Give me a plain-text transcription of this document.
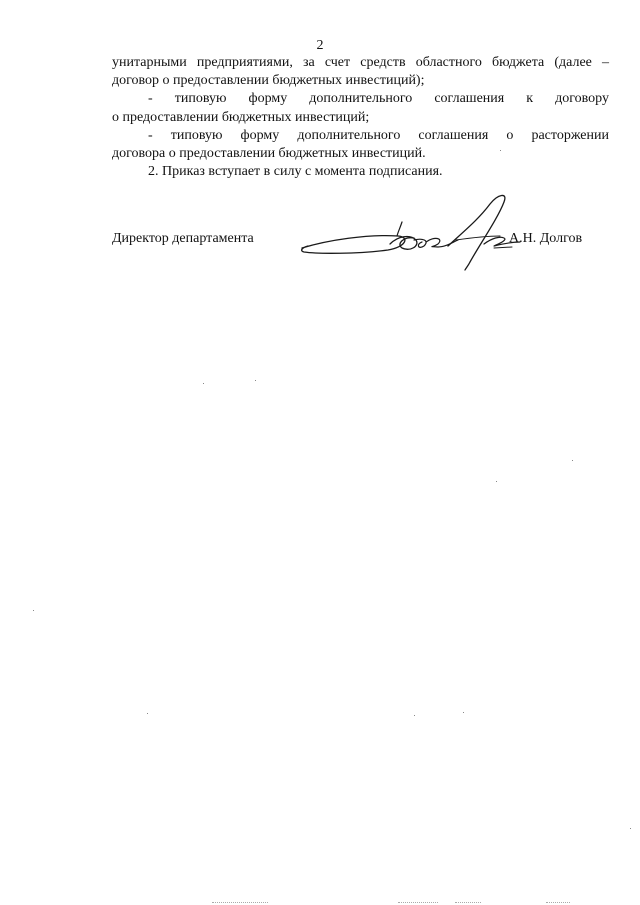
2
унитарными предприятиями, за счет средств областного бюджета (далее –
договор о предоставлении бюджетных инвестиций);
- типовую форму дополнительного соглашения к договору
о предоставлении бюджетных инвестиций;
- типовую форму дополнительного соглашения о расторжении
договора о предоставлении бюджетных инвестиций.
2. Приказ вступает в силу с момента подписания.
Директор департамента	А.Н. Долгов
